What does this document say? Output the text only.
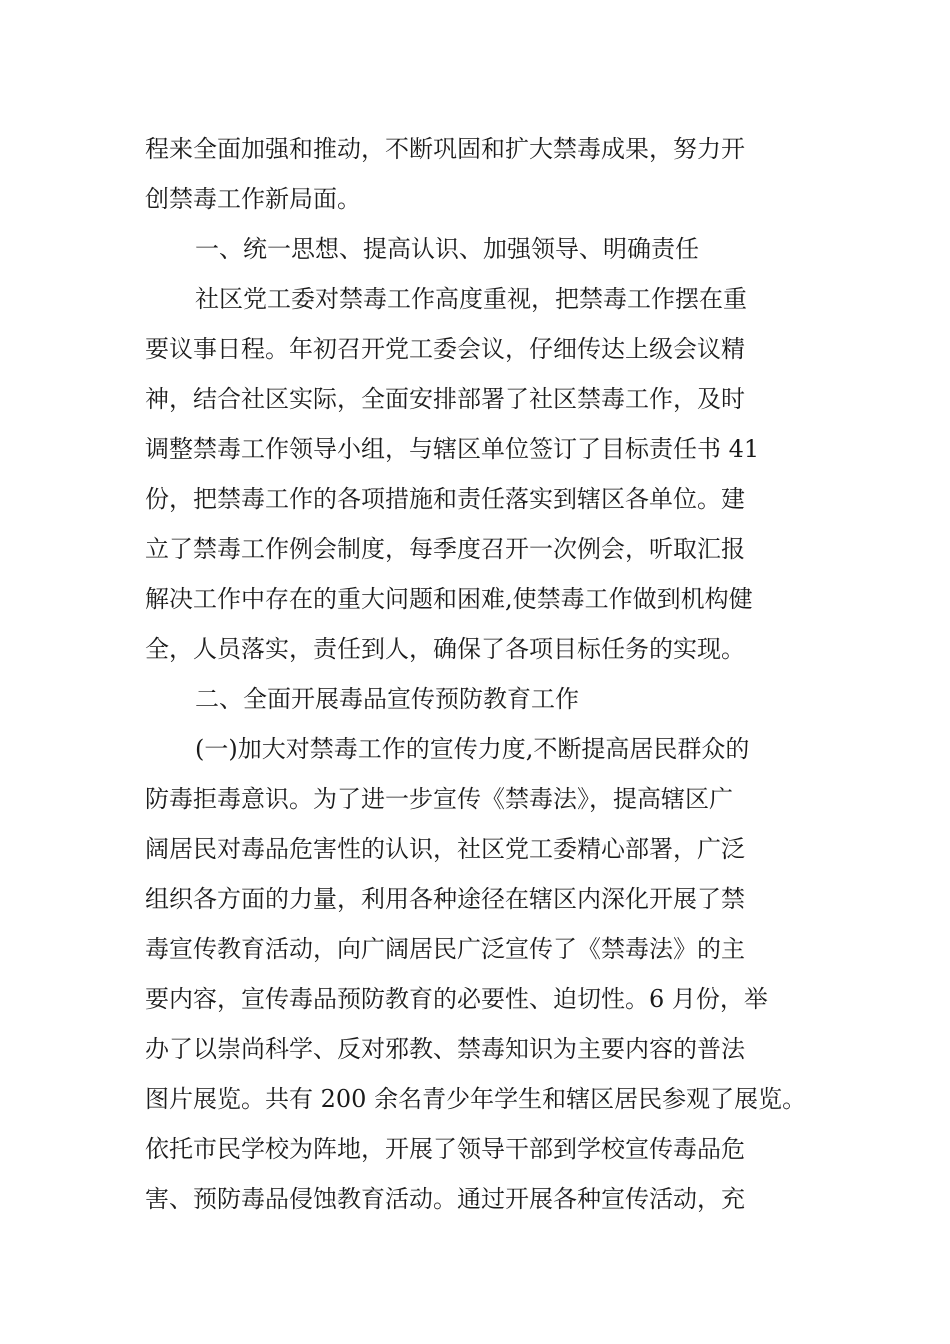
程来全面加强和推动，不断巩固和扩大禁毒成果，努力开
创禁毒工作新局面。
一、统一思想、提高认识、加强领导、明确责任
社区党工委对禁毒工作高度重视，把禁毒工作摆在重
要议事日程。年初召开党工委会议，仔细传达上级会议精
神，结合社区实际，全面安排部署了社区禁毒工作，及时
调整禁毒工作领导小组，与辖区单位签订了目标责任书 41
份，把禁毒工作的各项措施和责任落实到辖区各单位。建
立了禁毒工作例会制度，每季度召开一次例会，听取汇报
解决工作中存在的重大问题和困难,使禁毒工作做到机构健
全，人员落实，责任到人，确保了各项目标任务的实现。
二、全面开展毒品宣传预防教育工作
(一)加大对禁毒工作的宣传力度,不断提高居民群众的
防毒拒毒意识。为了进一步宣传《禁毒法》，提高辖区广
阔居民对毒品危害性的认识，社区党工委精心部署，广泛
组织各方面的力量，利用各种途径在辖区内深化开展了禁
毒宣传教育活动，向广阔居民广泛宣传了《禁毒法》的主
要内容，宣传毒品预防教育的必要性、迫切性。6 月份，举
办了以崇尚科学、反对邪教、禁毒知识为主要内容的普法
图片展览。共有 200 余名青少年学生和辖区居民参观了展览。
依托市民学校为阵地，开展了领导干部到学校宣传毒品危
害、预防毒品侵蚀教育活动。通过开展各种宣传活动，充
